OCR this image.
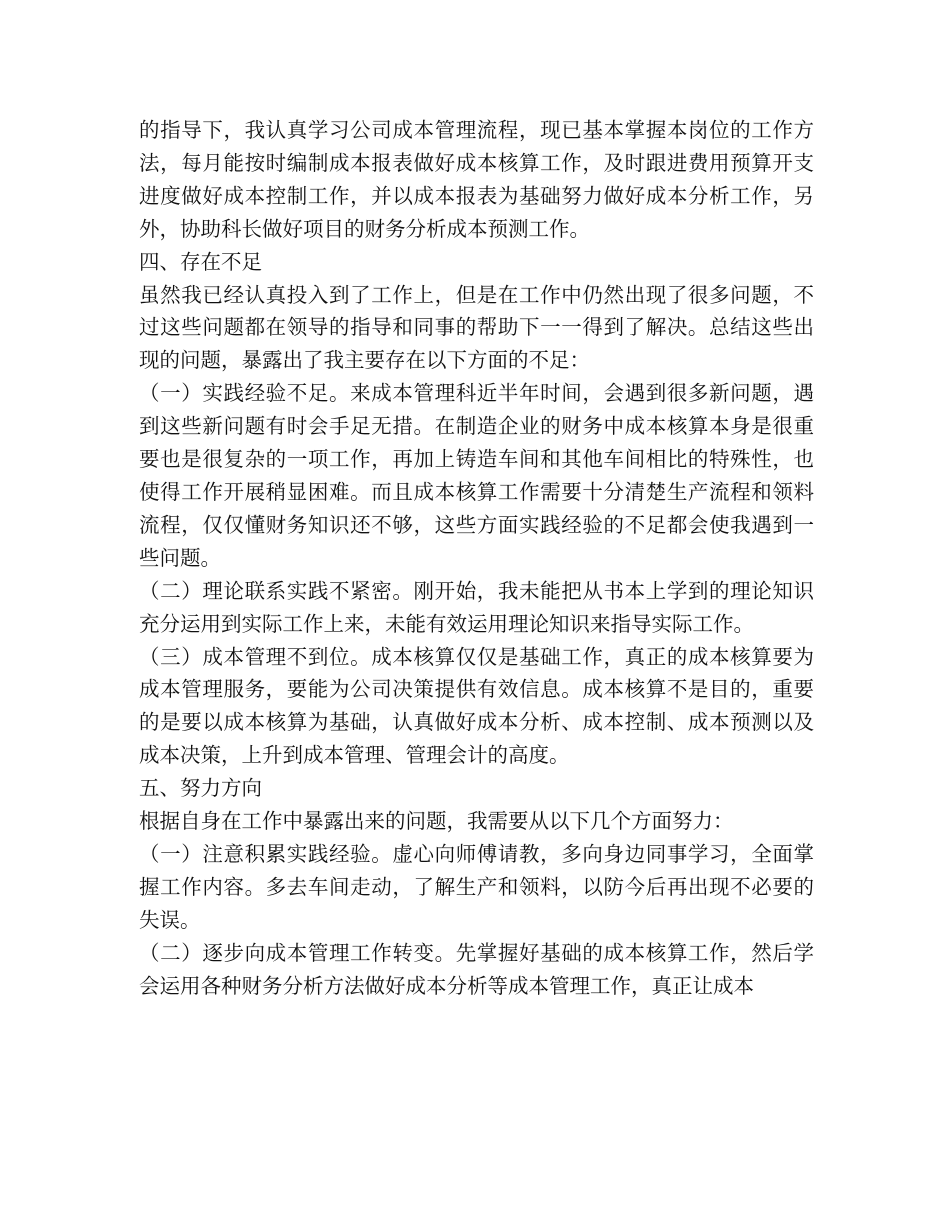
的指导下，我认真学习公司成本管理流程，现已基本掌握本岗位的工作方法，每月能按时编制成本报表做好成本核算工作，及时跟进费用预算开支进度做好成本控制工作，并以成本报表为基础努力做好成本分析工作，另外，协助科长做好项目的财务分析成本预测工作。

四、存在不足

虽然我已经认真投入到了工作上，但是在工作中仍然出现了很多问题，不过这些问题都在领导的指导和同事的帮助下一一得到了解决。总结这些出现的问题，暴露出了我主要存在以下方面的不足：

（一）实践经验不足。来成本管理科近半年时间，会遇到很多新问题，遇到这些新问题有时会手足无措。在制造企业的财务中成本核算本身是很重要也是很复杂的一项工作，再加上铸造车间和其他车间相比的特殊性，也使得工作开展稍显困难。而且成本核算工作需要十分清楚生产流程和领料流程，仅仅懂财务知识还不够，这些方面实践经验的不足都会使我遇到一些问题。

（二）理论联系实践不紧密。刚开始，我未能把从书本上学到的理论知识充分运用到实际工作上来，未能有效运用理论知识来指导实际工作。

（三）成本管理不到位。成本核算仅仅是基础工作，真正的成本核算要为成本管理服务，要能为公司决策提供有效信息。成本核算不是目的，重要的是要以成本核算为基础，认真做好成本分析、成本控制、成本预测以及成本决策，上升到成本管理、管理会计的高度。

五、努力方向

根据自身在工作中暴露出来的问题，我需要从以下几个方面努力：

（一）注意积累实践经验。虚心向师傅请教，多向身边同事学习，全面掌握工作内容。多去车间走动，了解生产和领料，以防今后再出现不必要的失误。

（二）逐步向成本管理工作转变。先掌握好基础的成本核算工作，然后学会运用各种财务分析方法做好成本分析等成本管理工作，真正让成本
